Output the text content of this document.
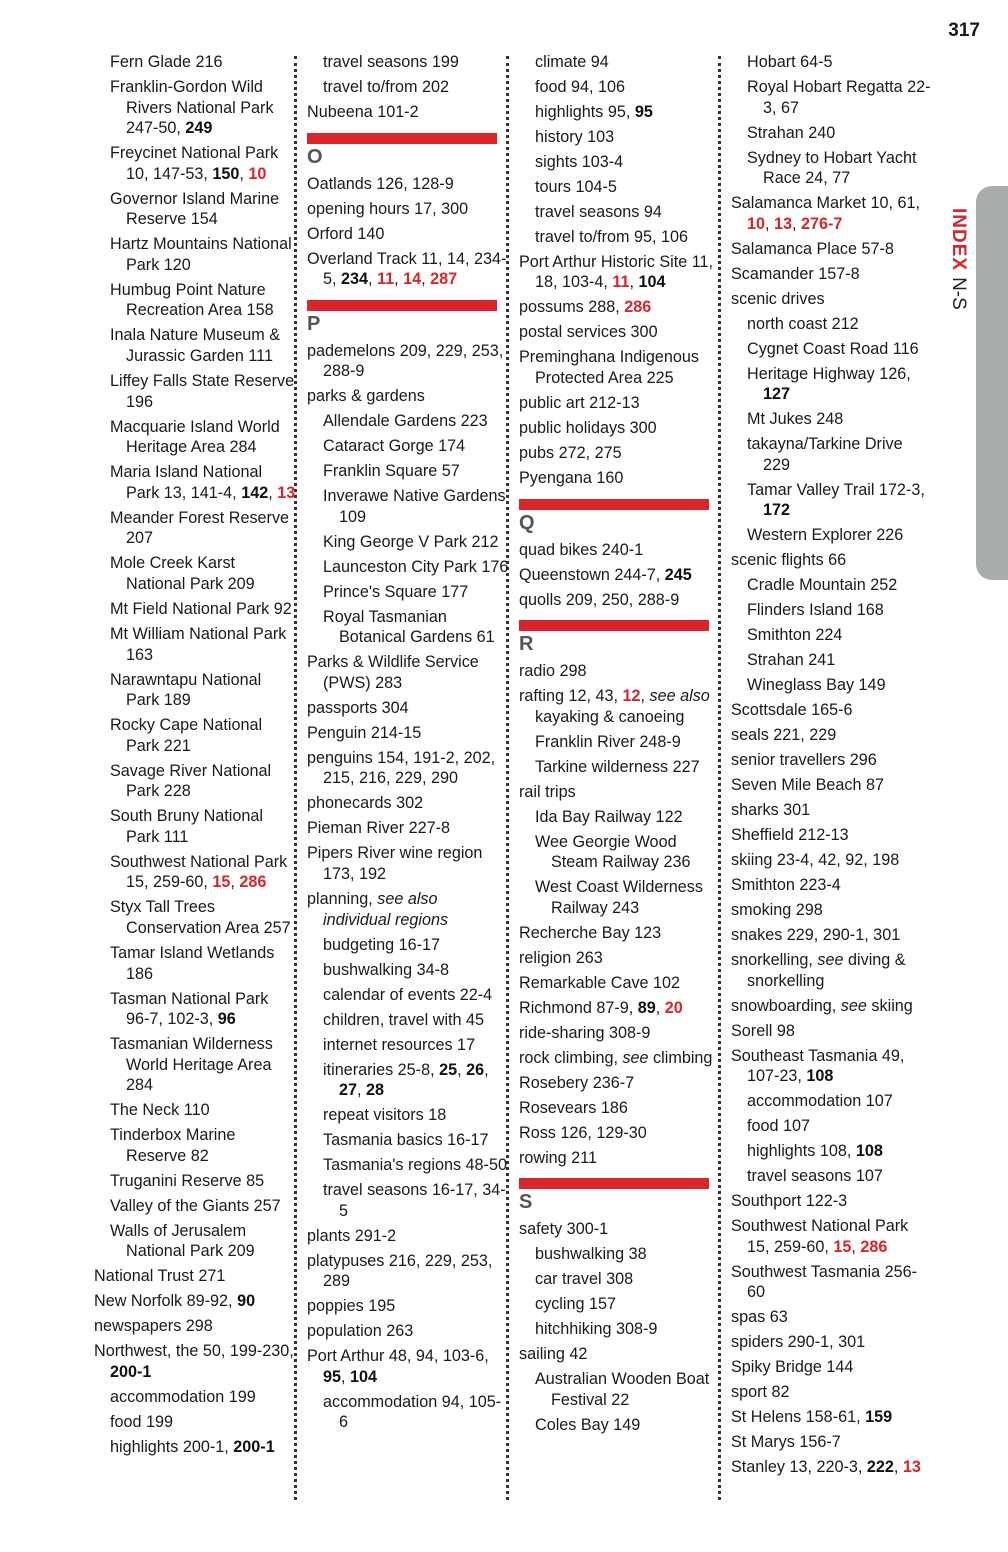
317
INDEXN-S
Fern Glade 216
Franklin-Gordon Wild Rivers National Park 247-50, 249
Freycinet National Park 10, 147-53, 150, 10
Governor Island Marine Reserve 154
Hartz Mountains National Park 120
Humbug Point Nature Recreation Area 158
Inala Nature Museum & Jurassic Garden 111
Liffey Falls State Reserve 196
Macquarie Island World Heritage Area 284
Maria Island National Park 13, 141-4, 142, 13
Meander Forest Reserve 207
Mole Creek Karst National Park 209
Mt Field National Park 92
Mt William National Park 163
Narawntapu National Park 189
Rocky Cape National Park 221
Savage River National Park 228
South Bruny National Park 111
Southwest National Park 15, 259-60, 15, 286
Styx Tall Trees Conservation Area 257
Tamar Island Wetlands 186
Tasman National Park 96-7, 102-3, 96
Tasmanian Wilderness World Heritage Area 284
The Neck 110
Tinderbox Marine Reserve 82
Truganini Reserve 85
Valley of the Giants 257
Walls of Jerusalem National Park 209
National Trust 271
New Norfolk 89-92, 90
newspapers 298
Northwest, the 50, 199-230, 200-1
accommodation 199
food 199
highlights 200-1, 200-1
travel seasons 199
travel to/from 202
Nubeena 101-2
O
Oatlands 126, 128-9
opening hours 17, 300
Orford 140
Overland Track 11, 14, 234-5, 234, 11, 14, 287
P
pademelons 209, 229, 253, 288-9
parks & gardens
Allendale Gardens 223
Cataract Gorge 174
Franklin Square 57
Inverawe Native Gardens 109
King George V Park 212
Launceston City Park 176
Prince's Square 177
Royal Tasmanian Botanical Gardens 61
Parks & Wildlife Service (PWS) 283
passports 304
Penguin 214-15
penguins 154, 191-2, 202, 215, 216, 229, 290
phonecards 302
Pieman River 227-8
Pipers River wine region 173, 192
planning, see also individual regions
budgeting 16-17
bushwalking 34-8
calendar of events 22-4
children, travel with 45
internet resources 17
itineraries 25-8, 25, 26, 27, 28
repeat visitors 18
Tasmania basics 16-17
Tasmania's regions 48-50
travel seasons 16-17, 34-5
plants 291-2
platypuses 216, 229, 253, 289
poppies 195
population 263
Port Arthur 48, 94, 103-6, 95, 104
accommodation 94, 105-6
climate 94
food 94, 106
highlights 95, 95
history 103
sights 103-4
tours 104-5
travel seasons 94
travel to/from 95, 106
Port Arthur Historic Site 11, 18, 103-4, 11, 104
possums 288, 286
postal services 300
Preminghana Indigenous Protected Area 225
public art 212-13
public holidays 300
pubs 272, 275
Pyengana 160
Q
quad bikes 240-1
Queenstown 244-7, 245
quolls 209, 250, 288-9
R
radio 298
rafting 12, 43, 12, see also kayaking & canoeing
Franklin River 248-9
Tarkine wilderness 227
rail trips
Ida Bay Railway 122
Wee Georgie Wood Steam Railway 236
West Coast Wilderness Railway 243
Recherche Bay 123
religion 263
Remarkable Cave 102
Richmond 87-9, 89, 20
ride-sharing 308-9
rock climbing, see climbing
Rosebery 236-7
Rosevears 186
Ross 126, 129-30
rowing 211
S
safety 300-1
bushwalking 38
car travel 308
cycling 157
hitchhiking 308-9
sailing 42
Australian Wooden Boat Festival 22
Coles Bay 149
Hobart 64-5
Royal Hobart Regatta 22-3, 67
Strahan 240
Sydney to Hobart Yacht Race 24, 77
Salamanca Market 10, 61, 10, 13, 276-7
Salamanca Place 57-8
Scamander 157-8
scenic drives
north coast 212
Cygnet Coast Road 116
Heritage Highway 126, 127
Mt Jukes 248
takayna/Tarkine Drive 229
Tamar Valley Trail 172-3, 172
Western Explorer 226
scenic flights 66
Cradle Mountain 252
Flinders Island 168
Smithton 224
Strahan 241
Wineglass Bay 149
Scottsdale 165-6
seals 221, 229
senior travellers 296
Seven Mile Beach 87
sharks 301
Sheffield 212-13
skiing 23-4, 42, 92, 198
Smithton 223-4
smoking 298
snakes 229, 290-1, 301
snorkelling, see diving & snorkelling
snowboarding, see skiing
Sorell 98
Southeast Tasmania 49, 107-23, 108
accommodation 107
food 107
highlights 108, 108
travel seasons 107
Southport 122-3
Southwest National Park 15, 259-60, 15, 286
Southwest Tasmania 256-60
spas 63
spiders 290-1, 301
Spiky Bridge 144
sport 82
St Helens 158-61, 159
St Marys 156-7
Stanley 13, 220-3, 222, 13
